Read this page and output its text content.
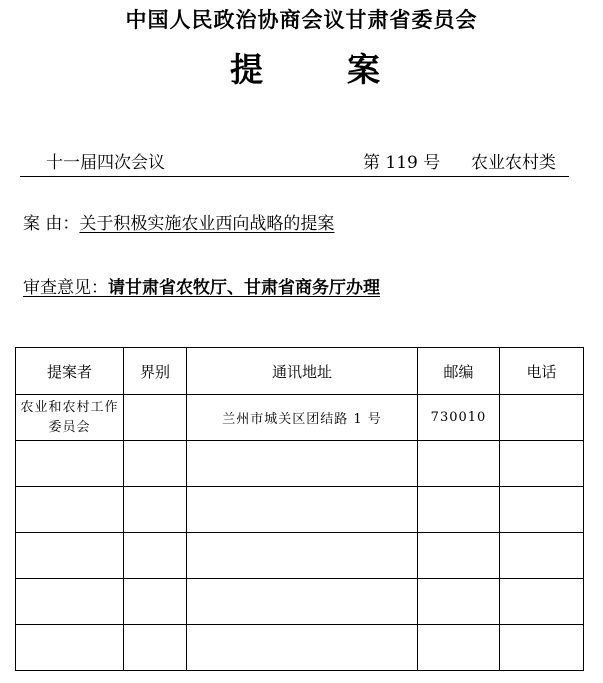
中国人民政治协商会议甘肃省委员会
提	案
十一届四次会议	第 119 号 农业农村类
案 由：关于积极实施农业西向战略的提案
审查意见：请甘肃省农牧厅、甘肃省商务厅办理
提案者	界别	通讯地址	邮编	电话
农业和农村工作委员会		兰州市城关区团结路 1 号	730010	
